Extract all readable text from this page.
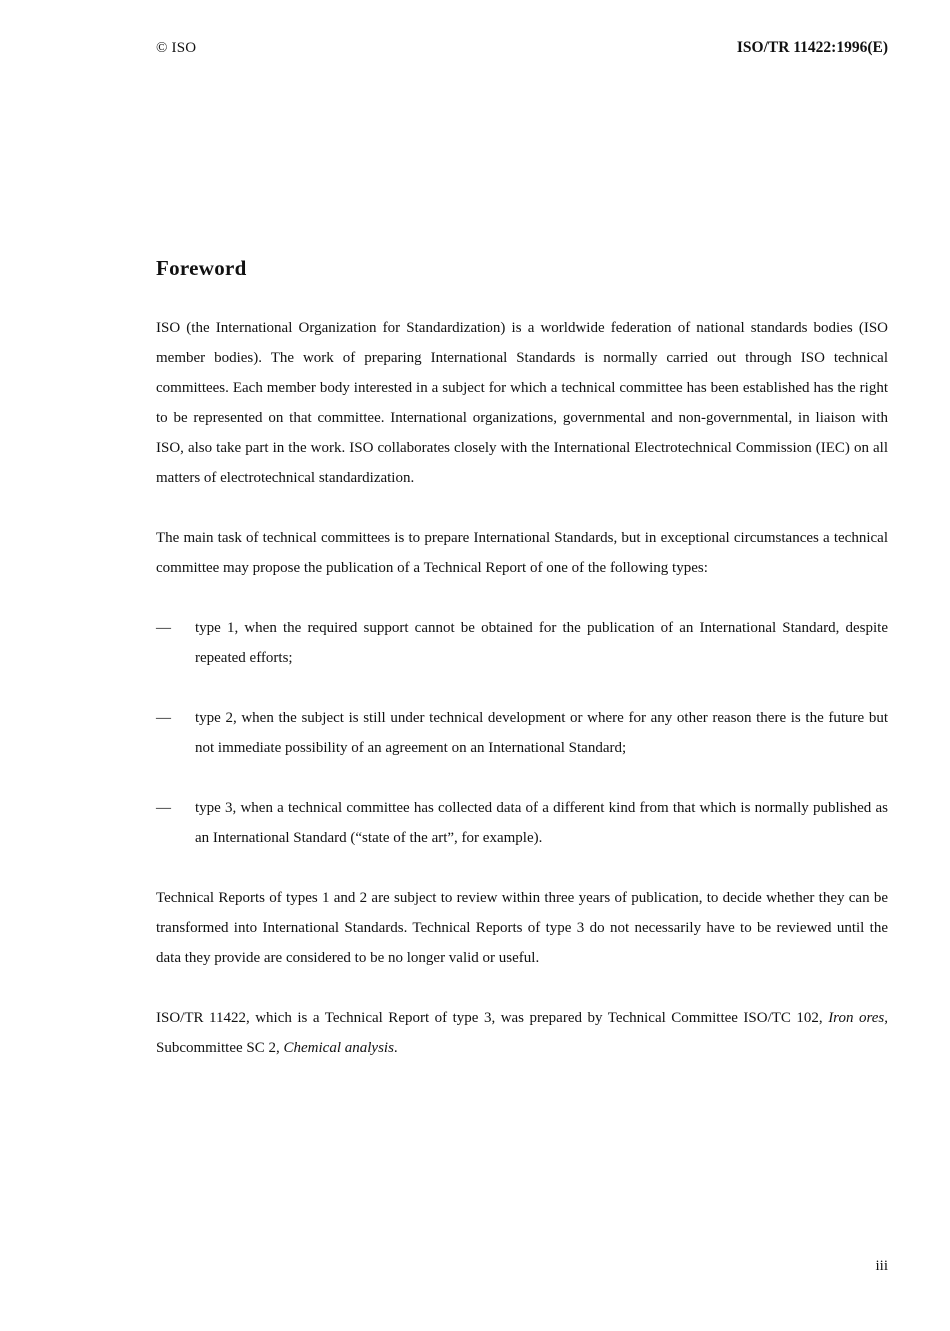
© ISO	ISO/TR 11422:1996(E)
Foreword

ISO (the International Organization for Standardization) is a worldwide federation of national standards bodies (ISO member bodies). The work of preparing International Standards is normally carried out through ISO technical committees. Each member body interested in a subject for which a technical committee has been established has the right to be represented on that committee. International organizations, governmental and non-governmental, in liaison with ISO, also take part in the work. ISO collaborates closely with the International Electrotechnical Commission (IEC) on all matters of electrotechnical standardization.

The main task of technical committees is to prepare International Standards, but in exceptional circumstances a technical committee may propose the publication of a Technical Report of one of the following types:

— type 1, when the required support cannot be obtained for the publication of an International Standard, despite repeated efforts;
— type 2, when the subject is still under technical development or where for any other reason there is the future but not immediate possibility of an agreement on an International Standard;
— type 3, when a technical committee has collected data of a different kind from that which is normally published as an International Standard (“state of the art”, for example).

Technical Reports of types 1 and 2 are subject to review within three years of publication, to decide whether they can be transformed into International Standards. Technical Reports of type 3 do not necessarily have to be reviewed until the data they provide are considered to be no longer valid or useful.

ISO/TR 11422, which is a Technical Report of type 3, was prepared by Technical Committee ISO/TC 102, Iron ores, Subcommittee SC 2, Chemical analysis.

iii
